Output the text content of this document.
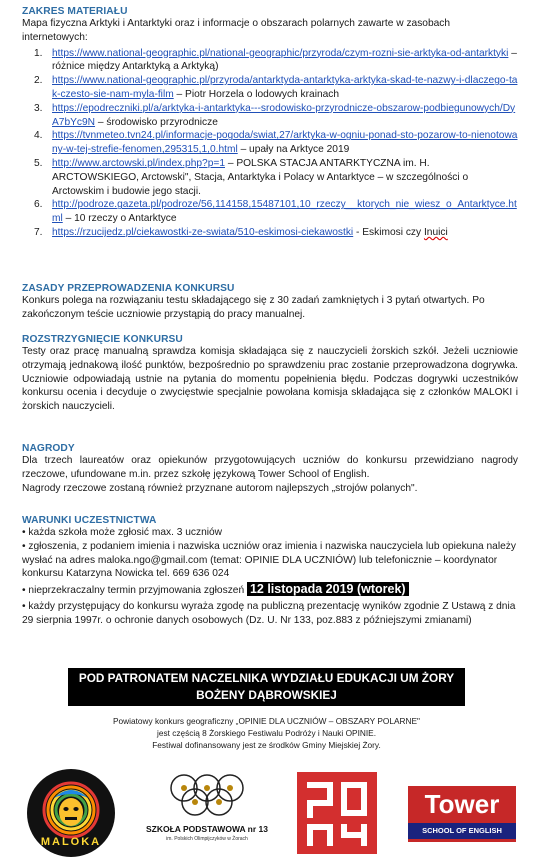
ZAKRES MATERIAŁU
Mapa fizyczna Arktyki i Antarktyki oraz i informacje o obszarach polarnych zawarte w zasobach internetowych:
1. https://www.national-geographic.pl/national-geographic/przyroda/czym-rozni-sie-arktyka-od-antarktyki – różnice między Antarktyką a Arktyką)
2. https://www.national-geographic.pl/przyroda/antarktyda-antarktyka-arktyka-skad-te-nazwy-i-dlaczego-tak-czesto-sie-nam-myla-film – Piotr Horzela o lodowych krainach
3. https://epodreczniki.pl/a/arktyka-i-antarktyka---srodowisko-przyrodnicze-obszarow-podbiegunowych/DyA7bYc9N – środowisko przyrodnicze
4. https://tvnmeteo.tvn24.pl/informacje-pogoda/swiat,27/arktyka-w-ogniu-ponad-sto-pozarow-to-nienotowany-w-tej-strefie-fenomen,295315,1,0.html – upały na Arktyce 2019
5. http://www.arctowski.pl/index.php?p=1 – POLSKA STACJA ANTARKTYCZNA im. H. ARCTOWSKIEGO, Arctowski", Stacja, Antarktyka i Polacy w Antarktyce – w szczególności o Arctowskim i budowie jego stacji.
6. http://podroze.gazeta.pl/podroze/56,114158,15487101,10_rzeczy__ktorych_nie_wiesz_o_Antarktyce.html – 10 rzeczy o Antarktyce
7. https://rzucijedz.pl/ciekawostki-ze-swiata/510-eskimosi-ciekawostki - Eskimosi czy Inuici
ZASADY PRZEPROWADZENIA KONKURSU
Konkurs polega na rozwiązaniu testu składającego się z 30 zadań zamkniętych i 3 pytań otwartych. Po zakończonym teście uczniowie przystąpią do pracy manualnej.
ROZSTRZYGNIĘCIE KONKURSU
Testy oraz pracę manualną sprawdza komisja składająca się z nauczycieli żorskich szkół. Jeżeli uczniowie otrzymają jednakową ilość punktów, bezpośrednio po sprawdzeniu prac zostanie przeprowadzona dogrywka. Uczniowie odpowiadają ustnie na pytania do momentu popełnienia błędu. Podczas dogrywki uczestników konkursu ocenia i decyduje o zwycięstwie specjalnie powołana komisja składająca się z członków MALOKI i żorskich nauczycieli.
NAGRODY
Dla trzech laureatów oraz opiekunów przygotowujących uczniów do konkursu przewidziano nagrody rzeczowe, ufundowane m.in. przez szkołę językową Tower School of English.
Nagrody rzeczowe zostaną również przyznane autorom najlepszych „strojów polanych".
WARUNKI UCZESTNICTWA
• każda szkoła może zgłosić max. 3 uczniów
• zgłoszenia, z podaniem imienia i nazwiska uczniów oraz imienia i nazwiska nauczyciela lub opiekuna należy wysłać na adres maloka.ngo@gmail.com (temat: OPINIE DLA UCZNIÓW) lub telefonicznie – koordynator konkursu Katarzyna Nowicka tel. 669 636 024
• nieprzekraczalny termin przyjmowania zgłoszeń 12 listopada 2019 (wtorek)
• każdy przystępujący do konkursu wyraża zgodę na publiczną prezentację wyników zgodnie Z Ustawą z dnia 29 sierpnia 1997r. o ochronie danych osobowych (Dz. U. Nr 133, poz.883 z późniejszymi zmianami)
POD PATRONATEM NACZELNIKA WYDZIAŁU EDUKACJI UM ŻORY
BOŻENY DĄBROWSKIEJ
Powiatowy konkurs geograficzny „OPINIE DLA UCZNIÓW – OBSZARY POLARNE"
jest częścią 8 Żorskiego Festiwalu Podróży i Nauki OPINIE.
Festiwal dofinansowany jest ze środków Gminy Miejskiej Żory.
MALOKA
SZKOŁA PODSTAWOWA nr 13
im. Polskich Olimpijczyków w Żorach
Tower
SCHOOL OF ENGLISH
